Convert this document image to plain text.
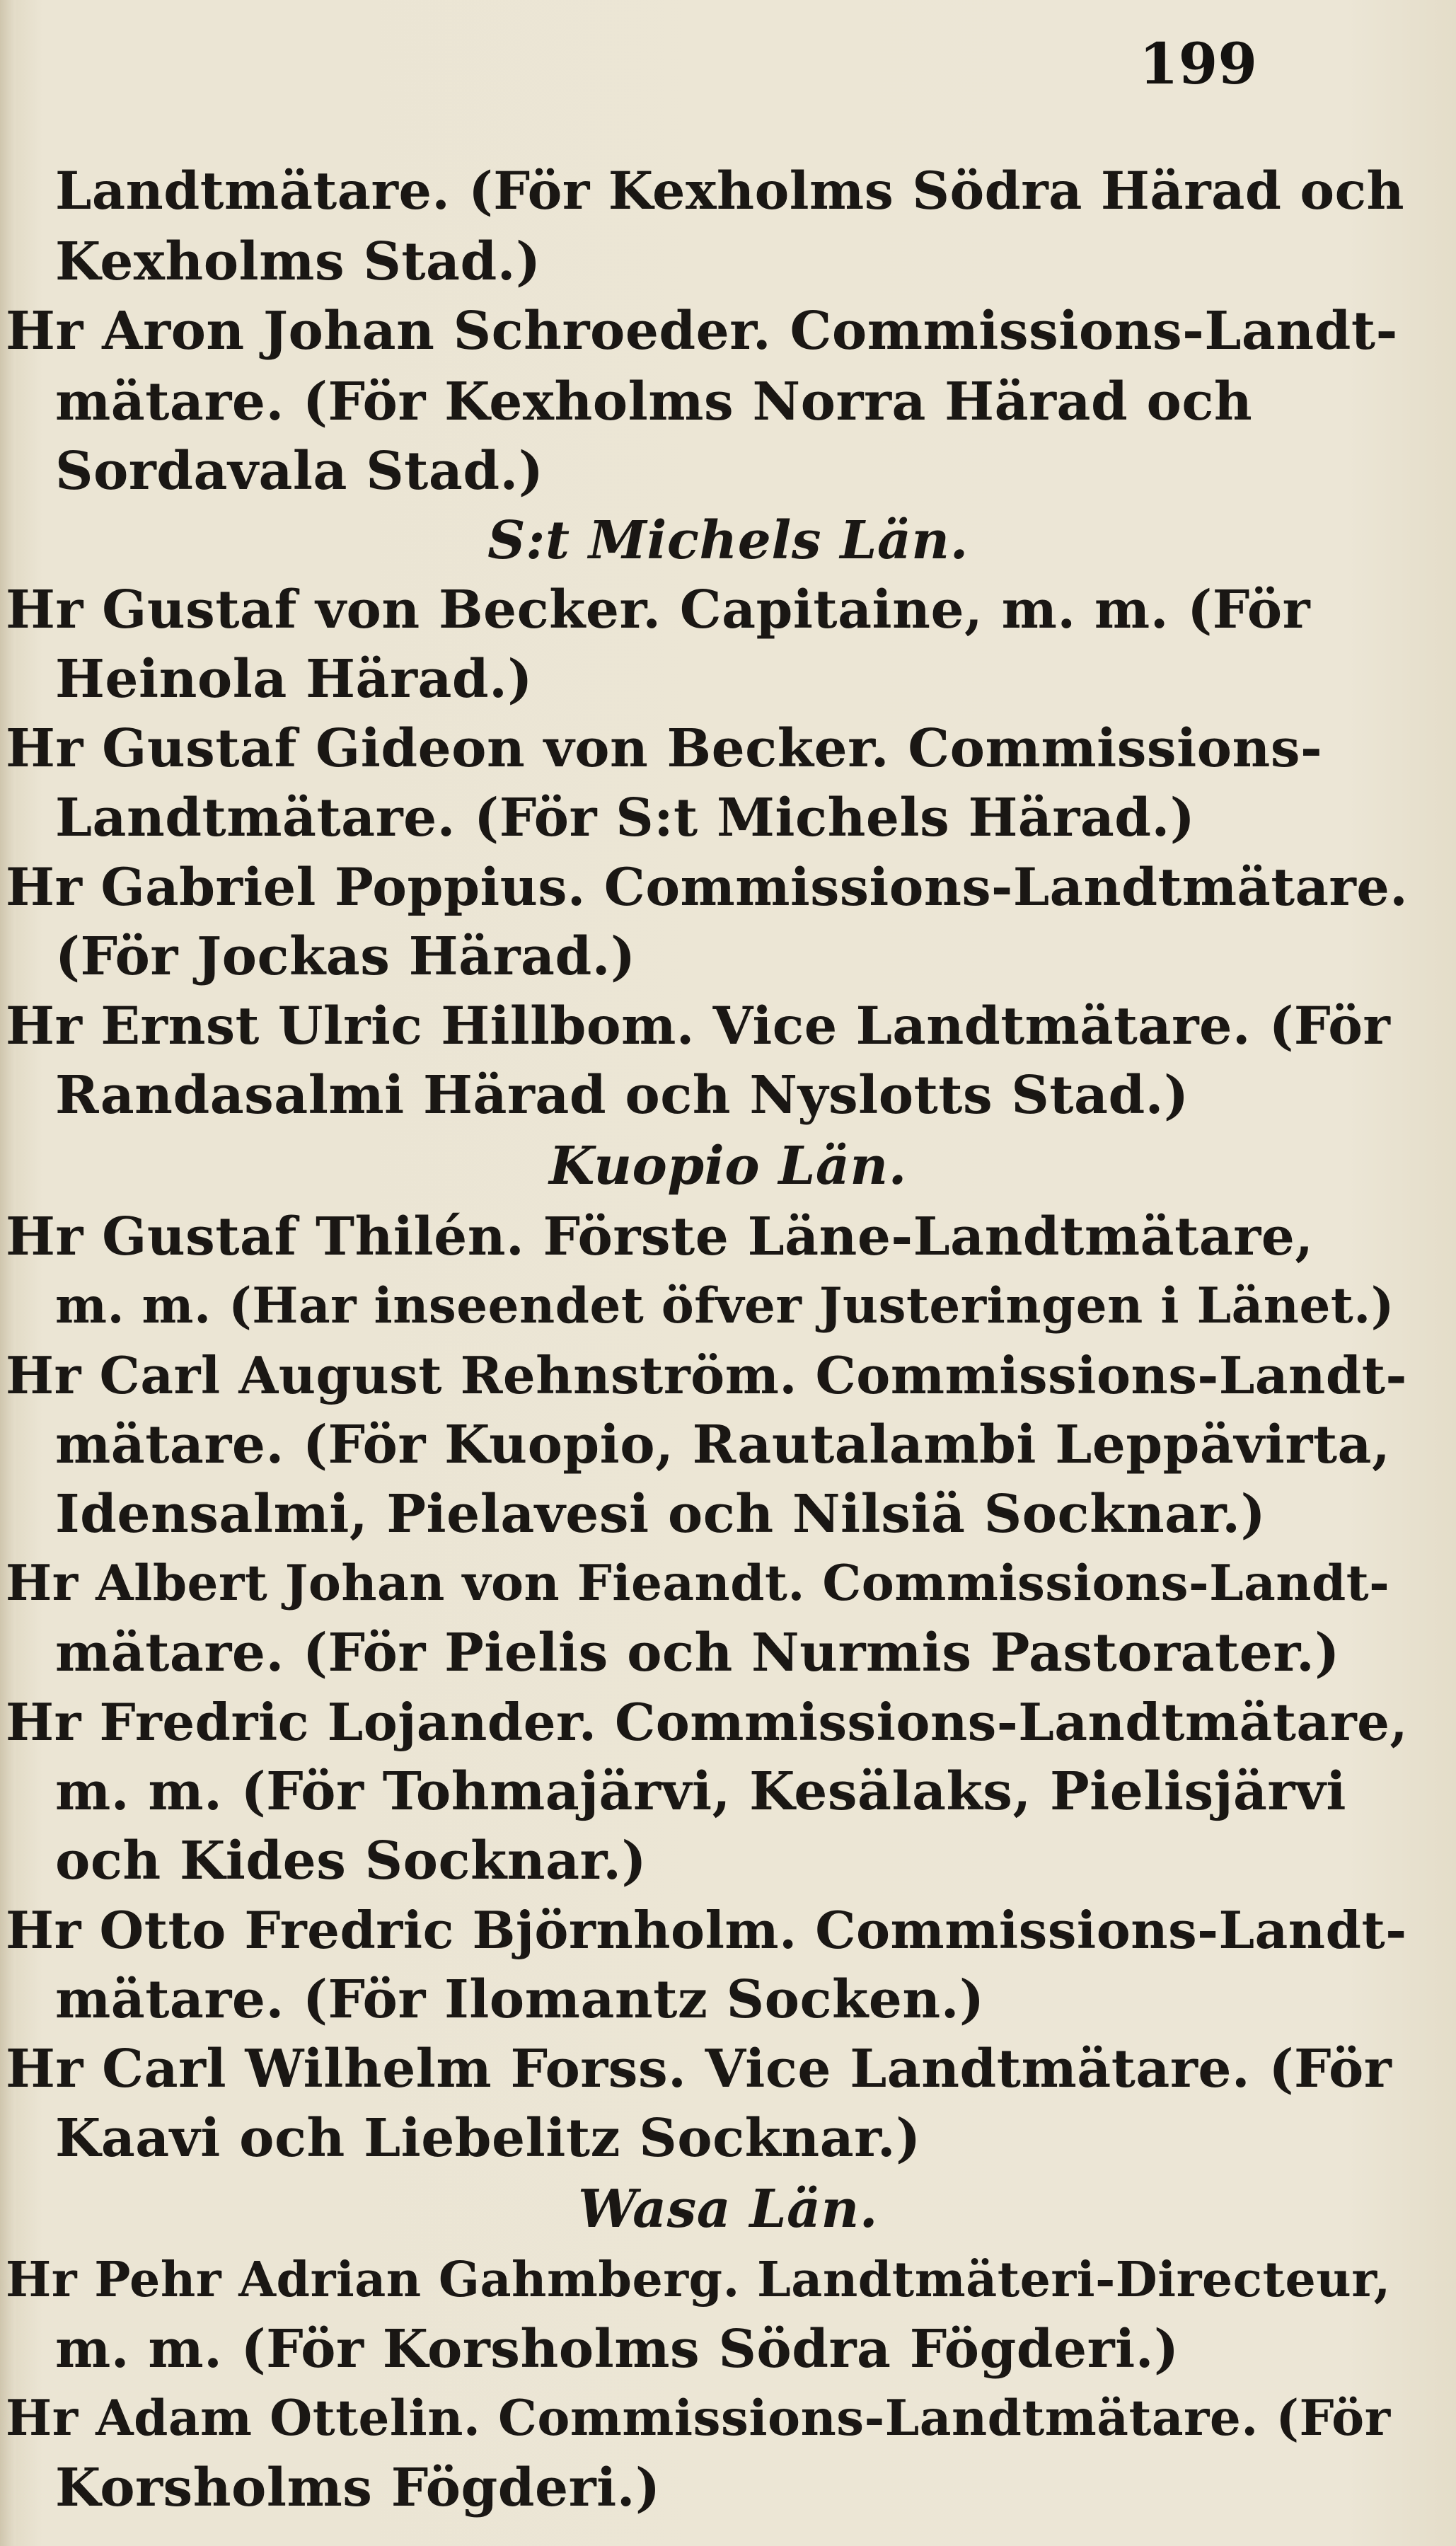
199
Landtmätare. (För Kexholms Södra Härad och
Kexholms Stad.)
Hr Aron Johan Schroeder. Commissions-Landt-
mätare. (För Kexholms Norra Härad och
Sordavala Stad.)
S:t Michels Län.
Hr Gustaf von Becker. Capitaine, m. m. (För
Heinola Härad.)
Hr Gustaf Gideon von Becker. Commissions-
Landtmätare. (För S:t Michels Härad.)
Hr Gabriel Poppius. Commissions-Landtmätare.
(För Jockas Härad.)
Hr Ernst Ulric Hillbom. Vice Landtmätare. (För
Randasalmi Härad och Nyslotts Stad.)
Kuopio Län.
Hr Gustaf Thilén. Förste Läne-Landtmätare,
m. m. (Har inseendet öfver Justeringen i Länet.)
Hr Carl August Rehnström. Commissions-Landt-
mätare. (För Kuopio, Rautalambi Leppävirta,
Idensalmi, Pielavesi och Nilsiä Socknar.)
Hr Albert Johan von Fieandt. Commissions-Landt-
mätare. (För Pielis och Nurmis Pastorater.)
Hr Fredric Lojander. Commissions-Landtmätare,
m. m. (För Tohmajärvi, Kesälaks, Pielisjärvi
och Kides Socknar.)
Hr Otto Fredric Björnholm. Commissions-Landt-
mätare. (För Ilomantz Socken.)
Hr Carl Wilhelm Forss. Vice Landtmätare. (För
Kaavi och Liebelitz Socknar.)
Wasa Län.
Hr Pehr Adrian Gahmberg. Landtmäteri-Directeur,
m. m. (För Korsholms Södra Fögderi.)
Hr Adam Ottelin. Commissions-Landtmätare. (För
Korsholms Fögderi.)
